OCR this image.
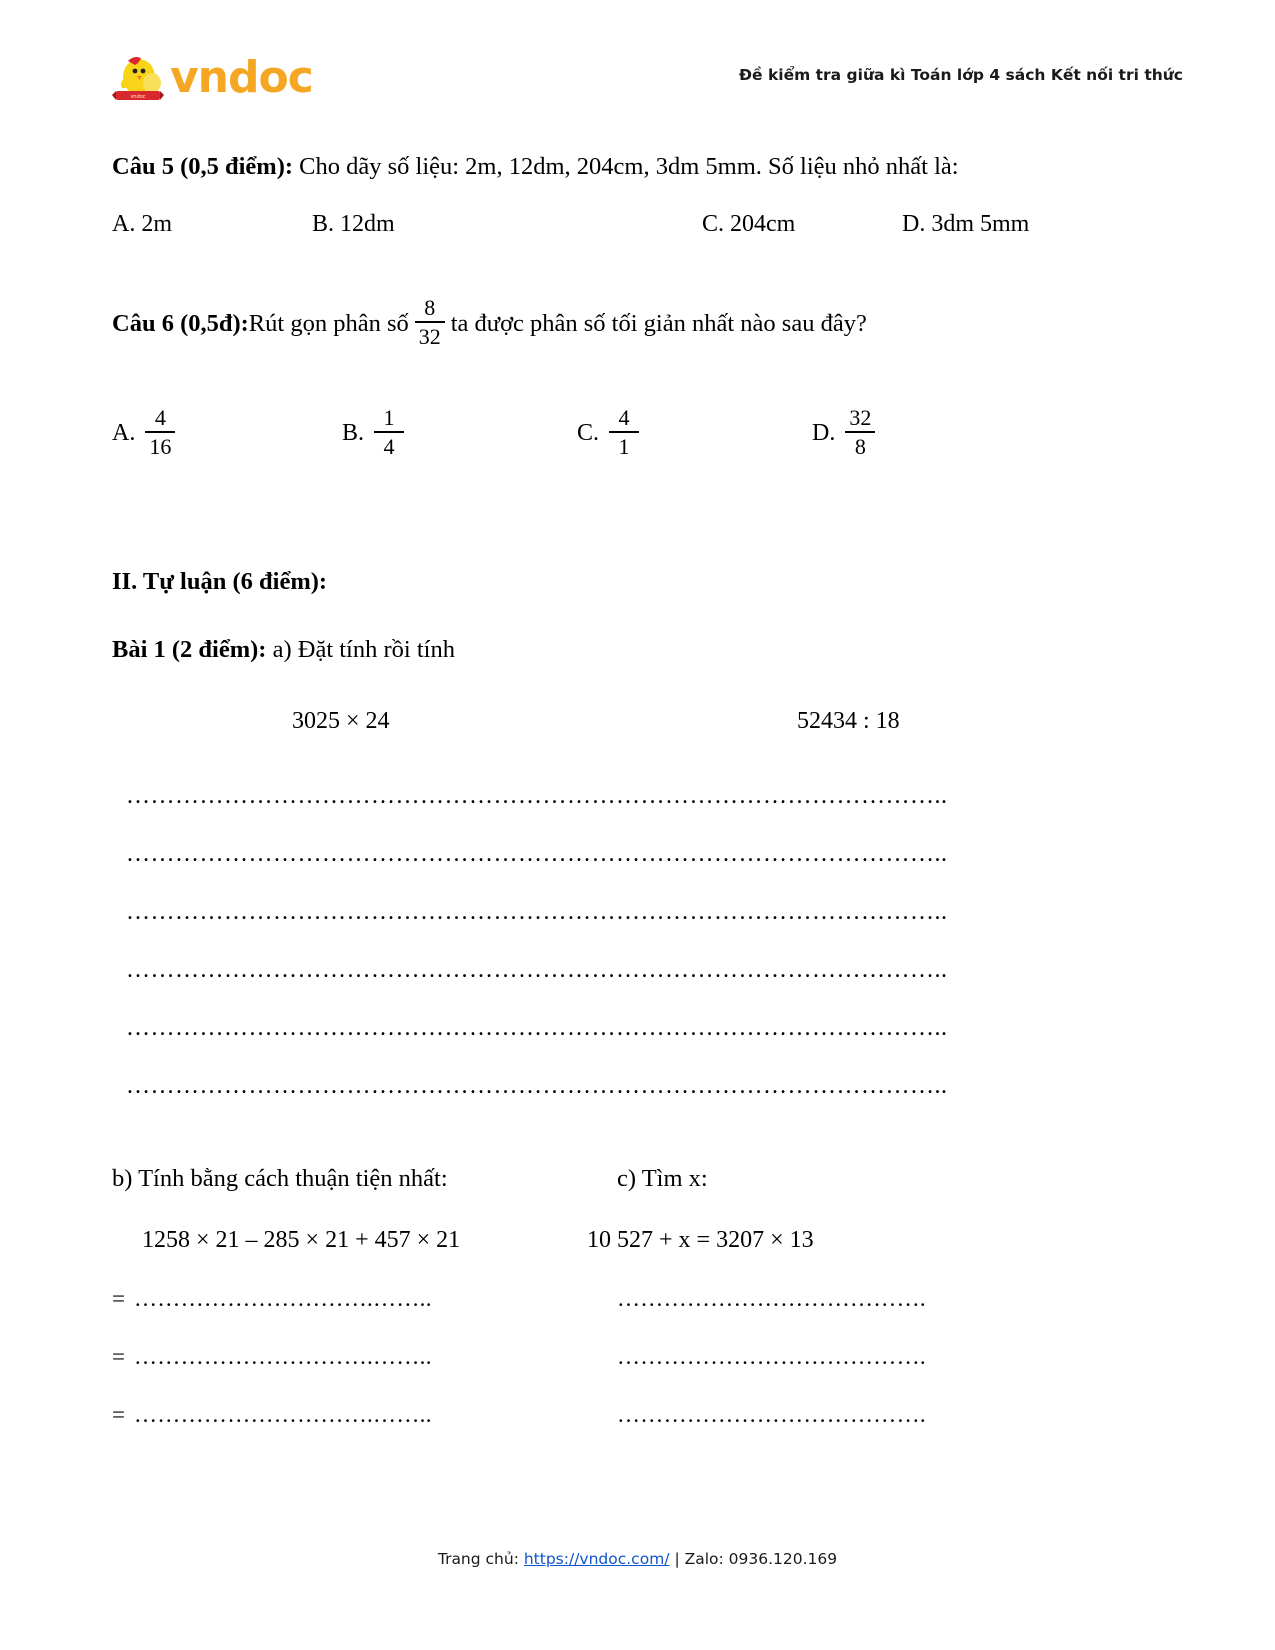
vndoc vndoc	Đề kiểm tra giữa kì Toán lớp 4 sách Kết nối tri thức
Câu 5 (0,5 điểm): Cho dãy số liệu: 2m, 12dm, 204cm, 3dm 5mm. Số liệu nhỏ nhất là:
A. 2m	B. 12dm	C. 204cm	D. 3dm 5mm
Câu 6 (0,5đ): Rút gọn phân số $\frac{8}{32}$ ta được phân số tối giản nhất nào sau đây?
A. $\frac{4}{16}$	B. $\frac{1}{4}$	C. $\frac{4}{1}$	D. $\frac{32}{8}$
II. Tự luận (6 điểm):
Bài 1 (2 điểm): a) Đặt tính rồi tính
3025 × 24	52434 : 18
………………………………………………………………………………………..
………………………………………………………………………………………..
………………………………………………………………………………………..
………………………………………………………………………………………..
………………………………………………………………………………………..
………………………………………………………………………………………..
b) Tính bằng cách thuận tiện nhất:	c) Tìm x:
1258 × 21 – 285 × 21 + 457 × 21	10 527 + x = 3207 × 13
= ………………………….……..	………………………………….
= ………………………….……..	………………………………….
= ………………………….……..	………………………………….
Trang chủ: https://vndoc.com/ | Zalo: 0936.120.169
